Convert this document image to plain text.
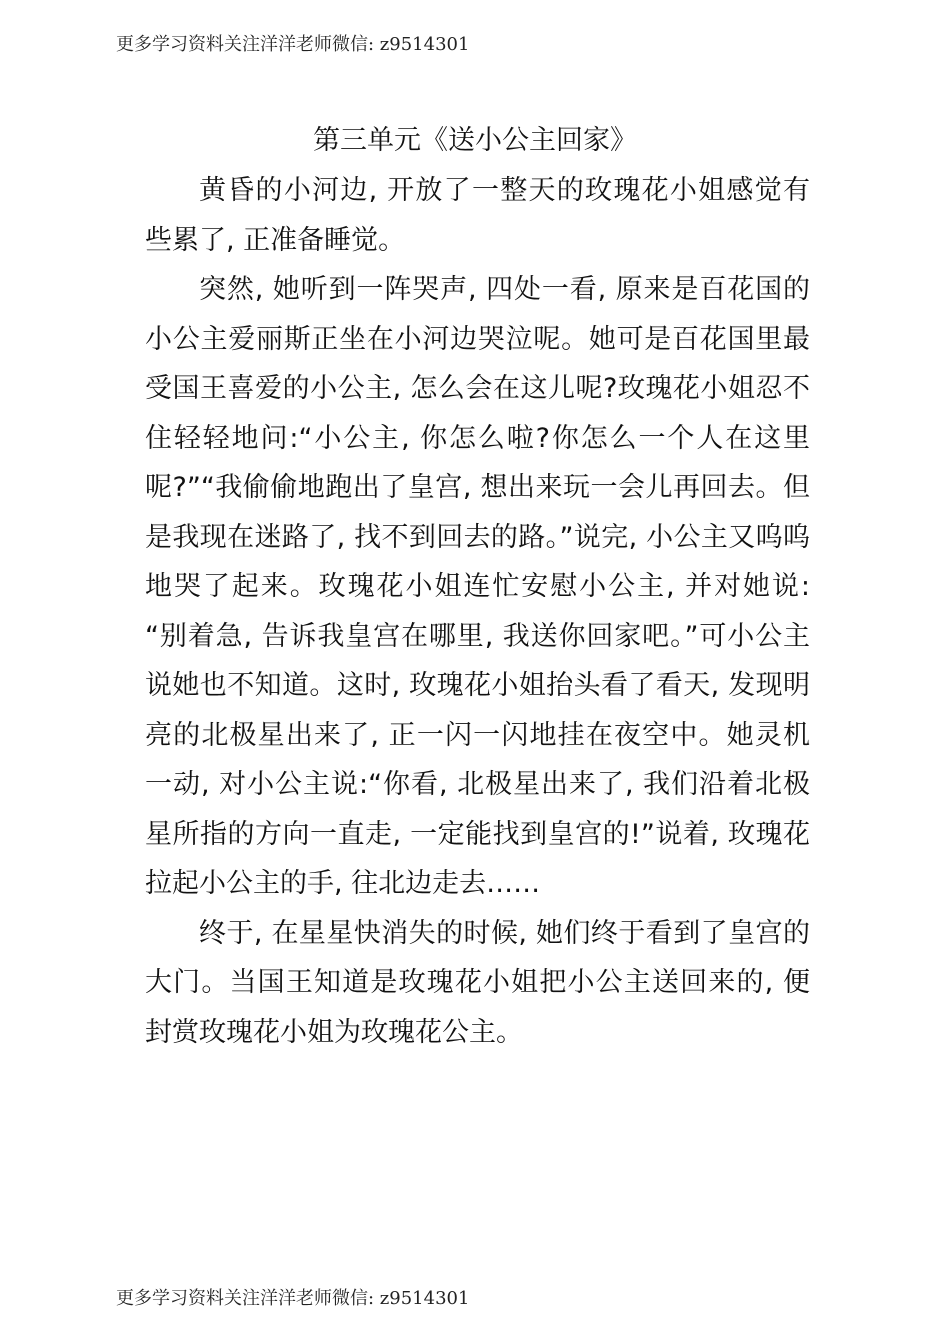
更多学习资料关注洋洋老师微信: z9514301
第三单元《送小公主回家》

黄昏的小河边, 开放了一整天的玫瑰花小姐感觉有些累了, 正准备睡觉。

突然, 她听到一阵哭声, 四处一看, 原来是百花国的小公主爱丽斯正坐在小河边哭泣呢。她可是百花国里最受国王喜爱的小公主, 怎么会在这儿呢?玫瑰花小姐忍不住轻轻地问:“小公主, 你怎么啦?你怎么一个人在这里呢?”“我偷偷地跑出了皇宫, 想出来玩一会儿再回去。但是我现在迷路了, 找不到回去的路。”说完, 小公主又呜呜地哭了起来。玫瑰花小姐连忙安慰小公主, 并对她说: “别着急, 告诉我皇宫在哪里, 我送你回家吧。”可小公主说她也不知道。这时, 玫瑰花小姐抬头看了看天, 发现明亮的北极星出来了, 正一闪一闪地挂在夜空中。她灵机一动, 对小公主说:“你看, 北极星出来了, 我们沿着北极星所指的方向一直走, 一定能找到皇宫的!”说着, 玫瑰花拉起小公主的手, 往北边走去……

终于, 在星星快消失的时候, 她们终于看到了皇宫的大门。当国王知道是玫瑰花小姐把小公主送回来的, 便封赏玫瑰花小姐为玫瑰花公主。

更多学习资料关注洋洋老师微信: z9514301
